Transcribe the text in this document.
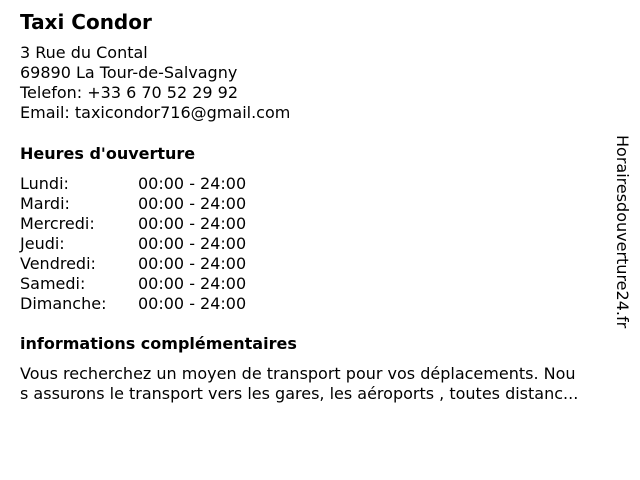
Taxi Condor
3 Rue du Contal
69890 La Tour-de-Salvagny
Telefon: +33 6 70 52 29 92
Email: taxicondor716@gmail.com
Heures d'ouverture
Lundi:	00:00 - 24:00
Mardi:	00:00 - 24:00
Mercredi:	00:00 - 24:00
Jeudi:	00:00 - 24:00
Vendredi:	00:00 - 24:00
Samedi:	00:00 - 24:00
Dimanche:	00:00 - 24:00
informations complémentaires
Vous recherchez un moyen de transport pour vos déplacements. Nou
s assurons le transport vers les gares, les aéroports , toutes distanc...
Horairesdouverture24.fr
